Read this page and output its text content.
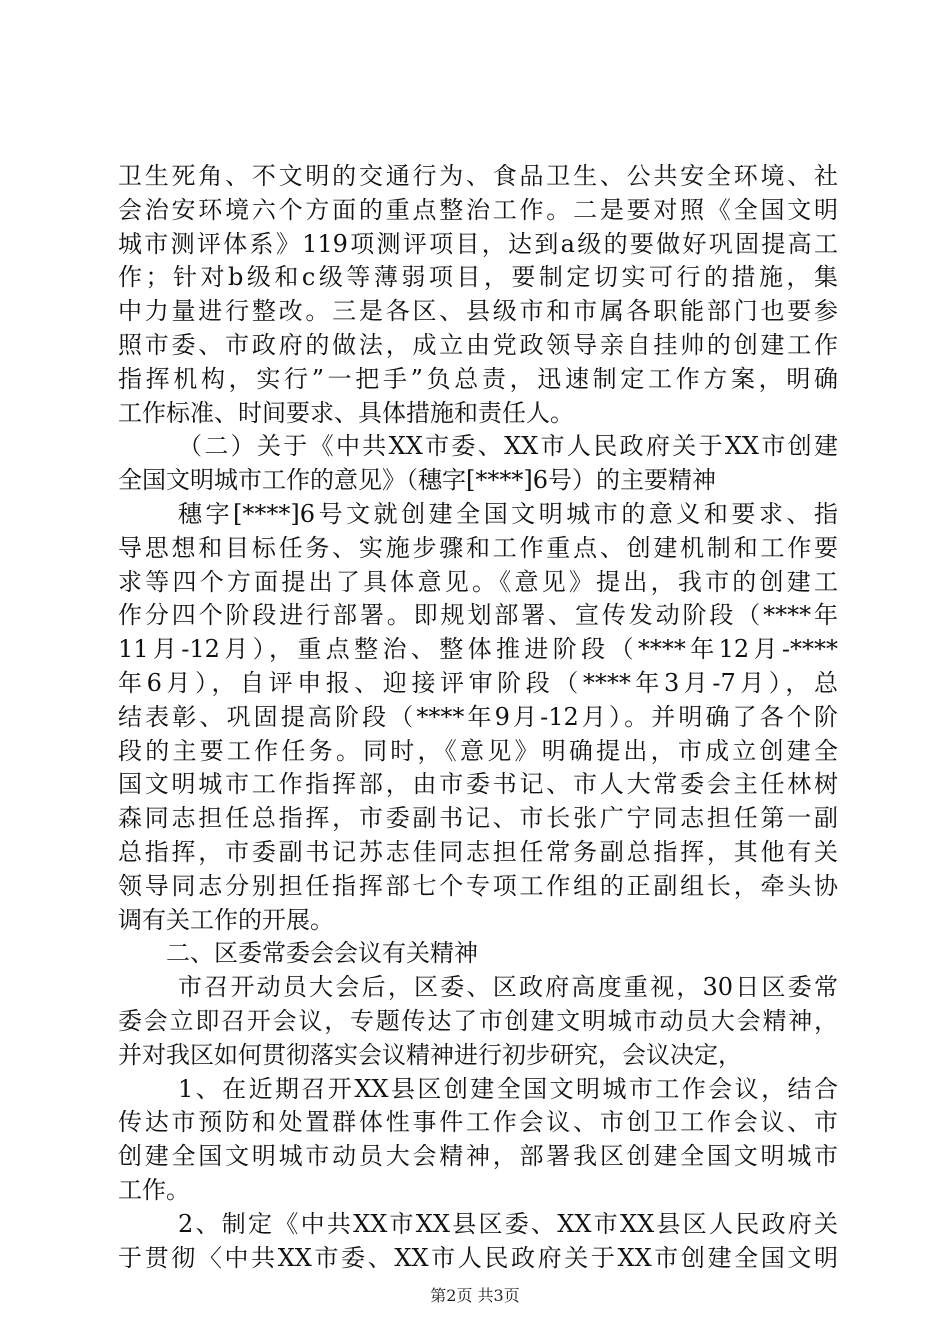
卫生死角、不文明的交通行为、食品卫生、公共安全环境、社
会治安环境六个方面的重点整治工作。二是要对照《全国文明
城市测评体系》119项测评项目，达到a级的要做好巩固提高工
作；针对b级和c级等薄弱项目，要制定切实可行的措施，集
中力量进行整改。三是各区、县级市和市属各职能部门也要参
照市委、市政府的做法，成立由党政领导亲自挂帅的创建工作
指挥机构，实行”一把手”负总责，迅速制定工作方案，明确
工作标准、时间要求、具体措施和责任人。
（二）关于《中共XX市委、XX市人民政府关于XX市创建
全国文明城市工作的意见》（穗字[****]6号）的主要精神
穗字[****]6号文就创建全国文明城市的意义和要求、指
导思想和目标任务、实施步骤和工作重点、创建机制和工作要
求等四个方面提出了具体意见。《意见》提出，我市的创建工
作分四个阶段进行部署。即规划部署、宣传发动阶段（****年
11月-12月），重点整治、整体推进阶段（****年12月-****
年6月），自评申报、迎接评审阶段（****年3月-7月），总
结表彰、巩固提高阶段（****年9月-12月）。并明确了各个阶
段的主要工作任务。同时，《意见》明确提出，市成立创建全
国文明城市工作指挥部，由市委书记、市人大常委会主任林树
森同志担任总指挥，市委副书记、市长张广宁同志担任第一副
总指挥，市委副书记苏志佳同志担任常务副总指挥，其他有关
领导同志分别担任指挥部七个专项工作组的正副组长，牵头协
调有关工作的开展。
二、区委常委会会议有关精神
市召开动员大会后，区委、区政府高度重视，30日区委常
委会立即召开会议，专题传达了市创建文明城市动员大会精神，
并对我区如何贯彻落实会议精神进行初步研究，会议决定，
1、在近期召开XX县区创建全国文明城市工作会议，结合
传达市预防和处置群体性事件工作会议、市创卫工作会议、市
创建全国文明城市动员大会精神，部署我区创建全国文明城市
工作。
2、制定《中共XX市XX县区委、XX市XX县区人民政府关
于贯彻〈中共XX市委、XX市人民政府关于XX市创建全国文明
第2页 共3页
